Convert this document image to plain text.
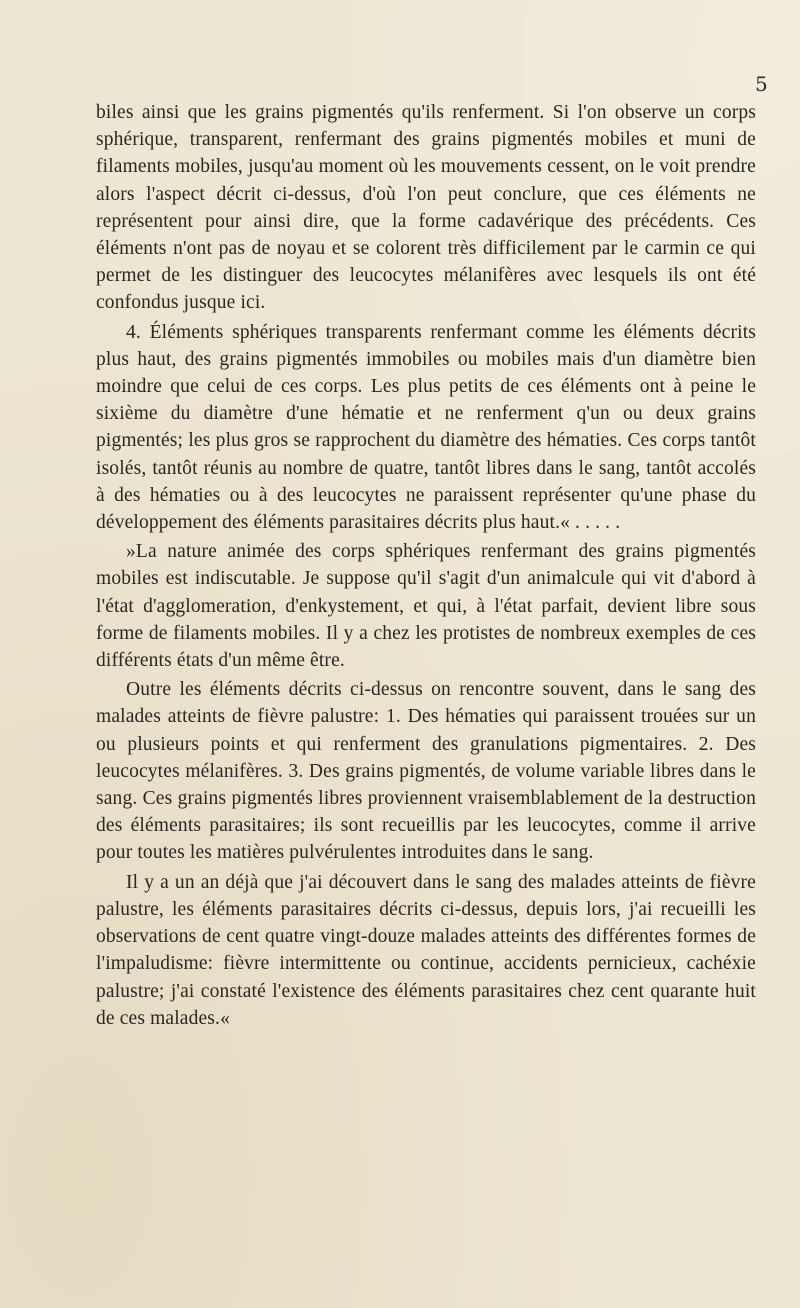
5

biles ainsi que les grains pigmentés qu'ils renferment. Si l'on observe un corps sphérique, transparent, renfermant des grains pigmentés mobiles et muni de filaments mobiles, jusqu'au moment où les mouvements cessent, on le voit prendre alors l'aspect décrit ci-dessus, d'où l'on peut conclure, que ces éléments ne représentent pour ainsi dire, que la forme cadavérique des précédents. Ces éléments n'ont pas de noyau et se colorent très difficilement par le carmin ce qui permet de les distinguer des leucocytes mélanifères avec lesquels ils ont été confondus jusque ici.

4. Éléments sphériques transparents renfermant comme les éléments décrits plus haut, des grains pigmentés immobiles ou mobiles mais d'un diamètre bien moindre que celui de ces corps. Les plus petits de ces éléments ont à peine le sixième du diamètre d'une hématie et ne renferment q'un ou deux grains pigmentés; les plus gros se rapprochent du diamètre des hématies. Ces corps tantôt isolés, tantôt réunis au nombre de quatre, tantôt libres dans le sang, tantôt accolés à des hématies ou à des leucocytes ne paraissent représenter qu'une phase du développement des éléments parasitaires décrits plus haut.« . . . . .

»La nature animée des corps sphériques renfermant des grains pigmentés mobiles est indiscutable. Je suppose qu'il s'agit d'un animalcule qui vit d'abord à l'état d'agglomeration, d'enkystement, et qui, à l'état parfait, devient libre sous forme de filaments mobiles. Il y a chez les protistes de nombreux exemples de ces différents états d'un même être.

Outre les éléments décrits ci-dessus on rencontre souvent, dans le sang des malades atteints de fièvre palustre: 1. Des hématies qui paraissent trouées sur un ou plusieurs points et qui renferment des granulations pigmentaires. 2. Des leucocytes mélanifères. 3. Des grains pigmentés, de volume variable libres dans le sang. Ces grains pigmentés libres proviennent vraisemblablement de la destruction des éléments parasitaires; ils sont recueillis par les leucocytes, comme il arrive pour toutes les matières pulvérulentes introduites dans le sang.

Il y a un an déjà que j'ai découvert dans le sang des malades atteints de fièvre palustre, les éléments parasitaires décrits ci-dessus, depuis lors, j'ai recueilli les observations de cent quatre vingt-douze malades atteints des différentes formes de l'impaludisme: fièvre intermittente ou continue, accidents pernicieux, cachéxie palustre; j'ai constaté l'existence des éléments parasitaires chez cent quarante huit de ces malades.«
